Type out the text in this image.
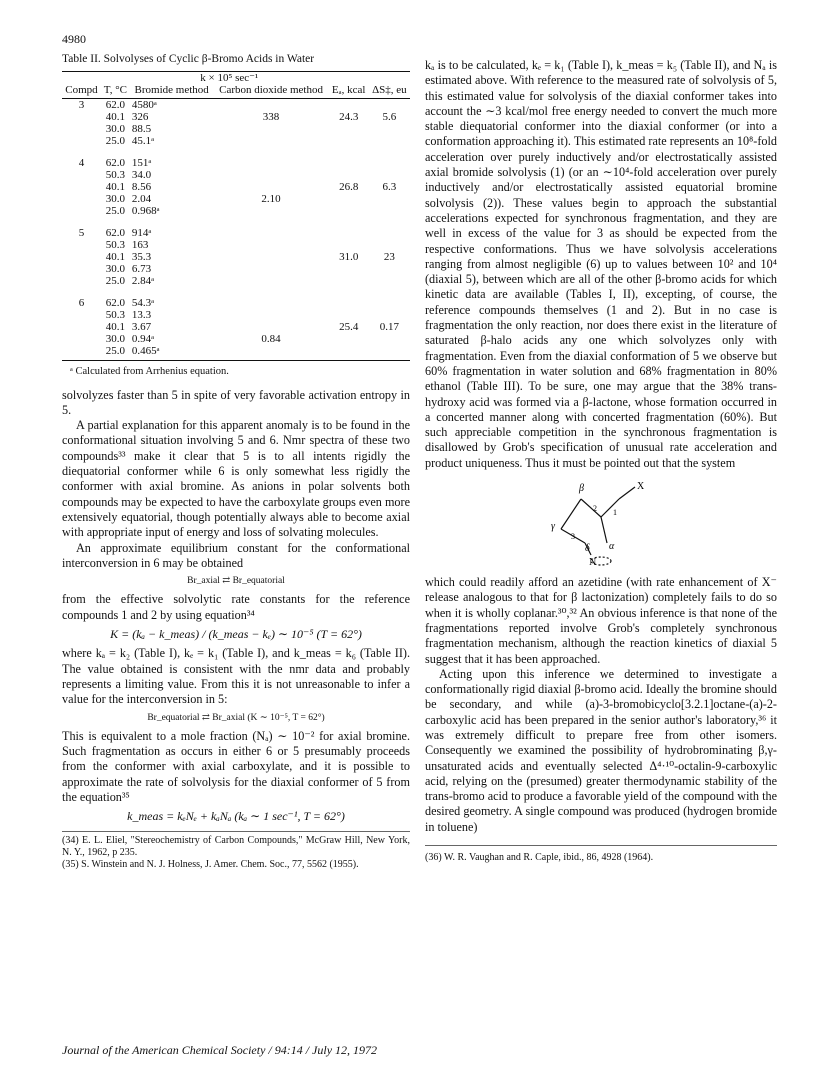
4980
Table II. Solvolyses of Cyclic β-Bromo Acids in Water
		k × 10⁵ sec⁻¹			
Compd	T, °C	Bromide method	Carbon dioxide method	Eₐ, kcal	ΔS‡, eu
3	62.0	4580ᵃ			
	40.1	326	338	24.3	5.6
	30.0	88.5			
	25.0	45.1ᵃ			
4	62.0	151ᵃ			
	50.3	34.0			
	40.1	8.56		26.8	6.3
	30.0	2.04	2.10		
	25.0	0.968ᵃ			
5	62.0	914ᵃ			
	50.3	163			
	40.1	35.3		31.0	23
	30.0	6.73			
	25.0	2.84ᵃ			
6	62.0	54.3ᵃ			
	50.3	13.3			
	40.1	3.67		25.4	0.17
	30.0	0.94ᵃ	0.84		
	25.0	0.465ᵃ			
ᵃ Calculated from Arrhenius equation.

solvolyzes faster than 5 in spite of very favorable activation entropy in 5.

A partial explanation for this apparent anomaly is to be found in the conformational situation involving 5 and 6. Nmr spectra of these two compounds³³ make it clear that 5 is to all intents rigidly the diequatorial conformer while 6 is only somewhat less rigidly the conformer with axial bromine. As anions in polar solvents both compounds may be expected to have the carboxylate groups even more extensively equatorial, though potentially always able to become axial with appropriate input of energy and loss of solvating molecules.

An approximate equilibrium constant for the conformational interconversion in 6 may be obtained

Br_axial ⇄ Br_equatorial

from the effective solvolytic rate constants for the reference compounds 1 and 2 by using equation³⁴

K = (kₐ − k_meas) / (k_meas − kₑ) ∼ 10⁻⁵ (T = 62°)

where kₐ = k₂ (Table I), kₑ = k₁ (Table I), and k_meas = k₆ (Table II). The value obtained is consistent with the nmr data and probably represents a limiting value. From this it is not unreasonable to infer a value for the interconversion in 5:

Br_equatorial ⇄ Br_axial (K ∼ 10⁻⁵, T = 62°)

This is equivalent to a mole fraction (Nₐ) ∼ 10⁻² for axial bromine. Such fragmentation as occurs in either 6 or 5 presumably proceeds from the conformer with axial carboxylate, and it is possible to approximate the rate of solvolysis for the diaxial conformer of 5 from the equation³⁵

k_meas = kₑNₑ + kₐNₐ (kₐ ∼ 1 sec⁻¹, T = 62°)
(34) E. L. Eliel, "Stereochemistry of Carbon Compounds," McGraw Hill, New York, N. Y., 1962, p 235.
(35) S. Winstein and N. J. Holness, J. Amer. Chem. Soc., 77, 5562 (1955).

kₐ is to be calculated, kₑ = k₁ (Table I), k_meas = k₅ (Table II), and Nₐ is estimated above. With reference to the measured rate of solvolysis of 5, this estimated value for solvolysis of the diaxial conformer takes into account the ∼3 kcal/mol free energy needed to convert the much more stable diequatorial conformer into the diaxial conformer (or into a conformation approaching it). This estimated rate represents an 10⁸-fold acceleration over purely inductively and/or electrostatically assisted axial bromide solvolysis (1) (or an ∼10⁴-fold acceleration over purely inductively and/or electrostatically assisted equatorial bromine solvolysis (2)). These values begin to approach the substantial accelerations expected for synchronous fragmentation, and they are well in excess of the value for 3 as should be expected from the respective conformations. Thus we have solvolysis accelerations ranging from almost negligible (6) up to values between 10² and 10⁴ (diaxial 5), between which are all of the other β-bromo acids for which kinetic data are available (Tables I, II), excepting, of course, the reference compounds themselves (1 and 2). But in no case is fragmentation the only reaction, nor does there exist in the literature of saturated β-halo acids any one which solvolyzes only with fragmentation. Even from the diaxial conformation of 5 we observe but 60% fragmentation in water solution and 68% fragmentation in 80% ethanol (Table III). To be sure, one may argue that the 38% trans-hydroxy acid was formed via a β-lactone, whose formation occurred in a concerted manner along with concerted fragmentation (60%). But such appreciable competition in the synchronous fragmentation is disallowed by Grob's specification of unusual rate acceleration and product uniqueness. Thus it must be pointed out that the system

β	X
γ
2 1
3
δ α
N

which could readily afford an azetidine (with rate enhancement of X⁻ release analogous to that for β lactonization) completely fails to do so when it is wholly coplanar.³⁰,³² An obvious inference is that none of the fragmentations reported involve Grob's completely synchronous fragmentation mechanism, although the reaction kinetics of diaxial 5 suggest that it has been approached.

Acting upon this inference we determined to investigate a conformationally rigid diaxial β-bromo acid. Ideally the bromine should be secondary, and while (a)-3-bromobicyclo[3.2.1]octane-(a)-2-carboxylic acid has been prepared in the senior author's laboratory,³⁶ it was extremely difficult to prepare free from other isomers. Consequently we examined the possibility of hydrobrominating β,γ-unsaturated acids and eventually selected Δ⁴·¹⁰-octalin-9-carboxylic acid, relying on the (presumed) greater thermodynamic stability of the trans-bromo acid to produce a favorable yield of the compound with the desired geometry. A single compound was produced (hydrogen bromide in toluene)

(36) W. R. Vaughan and R. Caple, ibid., 86, 4928 (1964).
Journal of the American Chemical Society / 94:14 / July 12, 1972
